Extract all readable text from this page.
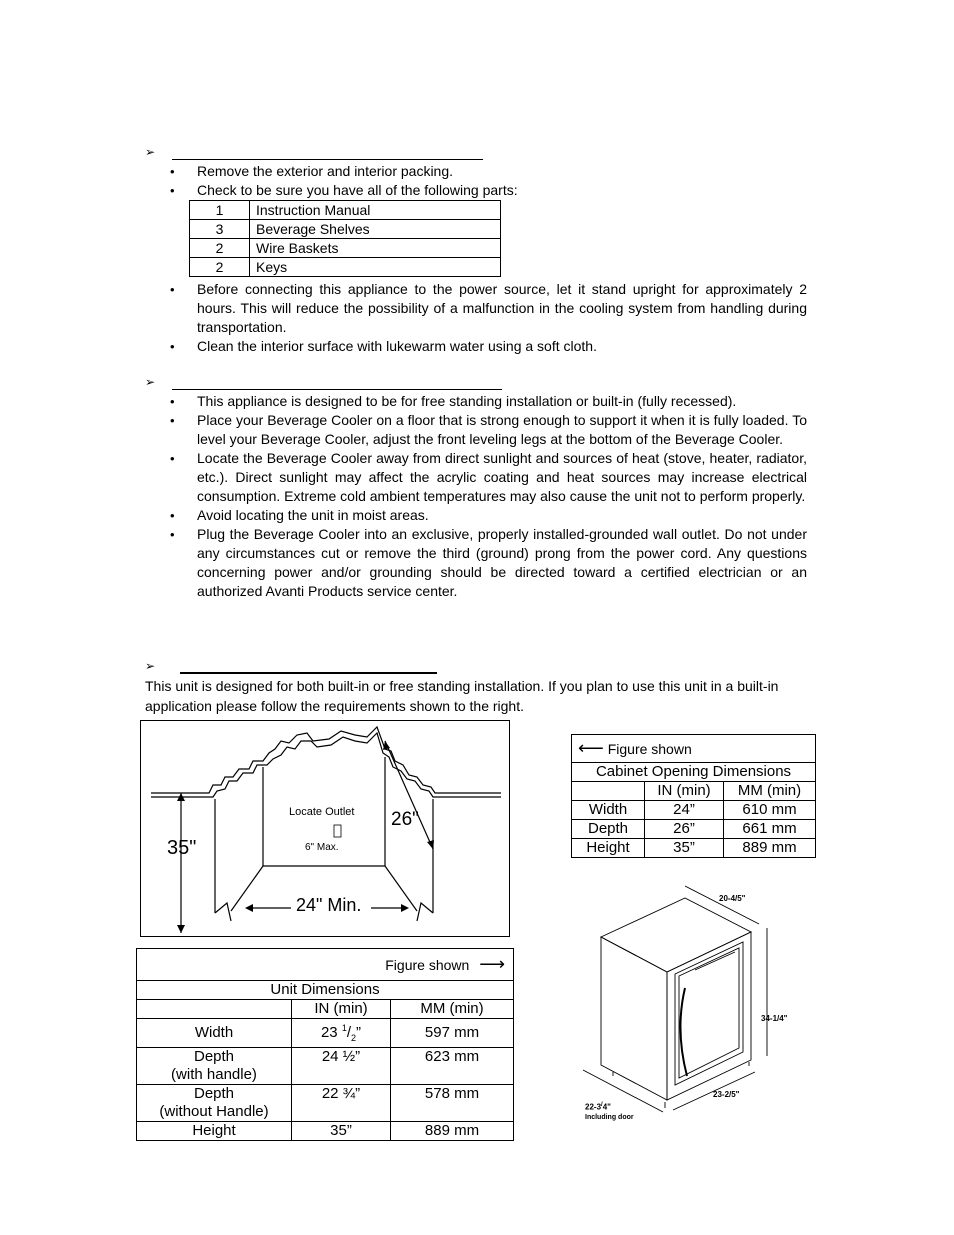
➢
• Remove the exterior and interior packing.
• Check to be sure you have all of the following parts:
1	Instruction Manual
3	Beverage Shelves
2	Wire Baskets
2	Keys
• Before connecting this appliance to the power source, let it stand upright for approximately 2 hours. This will reduce the possibility of a malfunction in the cooling system from handling during transportation.
• Clean the interior surface with lukewarm water using a soft cloth.
➢
• This appliance is designed to be for free standing installation or built-in (fully recessed).
• Place your Beverage Cooler on a floor that is strong enough to support it when it is fully loaded. To level your Beverage Cooler, adjust the front leveling legs at the bottom of the Beverage Cooler.
• Locate the Beverage Cooler away from direct sunlight and sources of heat (stove, heater, radiator, etc.). Direct sunlight may affect the acrylic coating and heat sources may increase electrical consumption. Extreme cold ambient temperatures may also cause the unit not to perform properly.
• Avoid locating the unit in moist areas.
• Plug the Beverage Cooler into an exclusive, properly installed-grounded wall outlet. Do not under any circumstances cut or remove the third (ground) prong from the power cord. Any questions concerning power and/or grounding should be directed toward a certified electrician or an authorized Avanti Products service center.
➢
This unit is designed for both built-in or free standing installation. If you plan to use this unit in a built-in application please follow the requirements shown to the right.
Locate Outlet
6" Max.
35"
26"
24" Min.
⟵ Figure shown		
Cabinet Opening Dimensions		
	IN (min)	MM (min)
Width	24”	610 mm
Depth	26”	661 mm
Height	35”	889 mm
Figure shown ⟶		
Unit Dimensions		
	IN (min)	MM (min)
Width	23 $^1/_2$”	597 mm
Depth
(with handle)	24 ½”	623 mm
Depth
(without Handle)	22 ¾”	578 mm
Height	35”	889 mm
20-4/5"
34-1/4"
23-2/5"
22-3/4"
Including door
